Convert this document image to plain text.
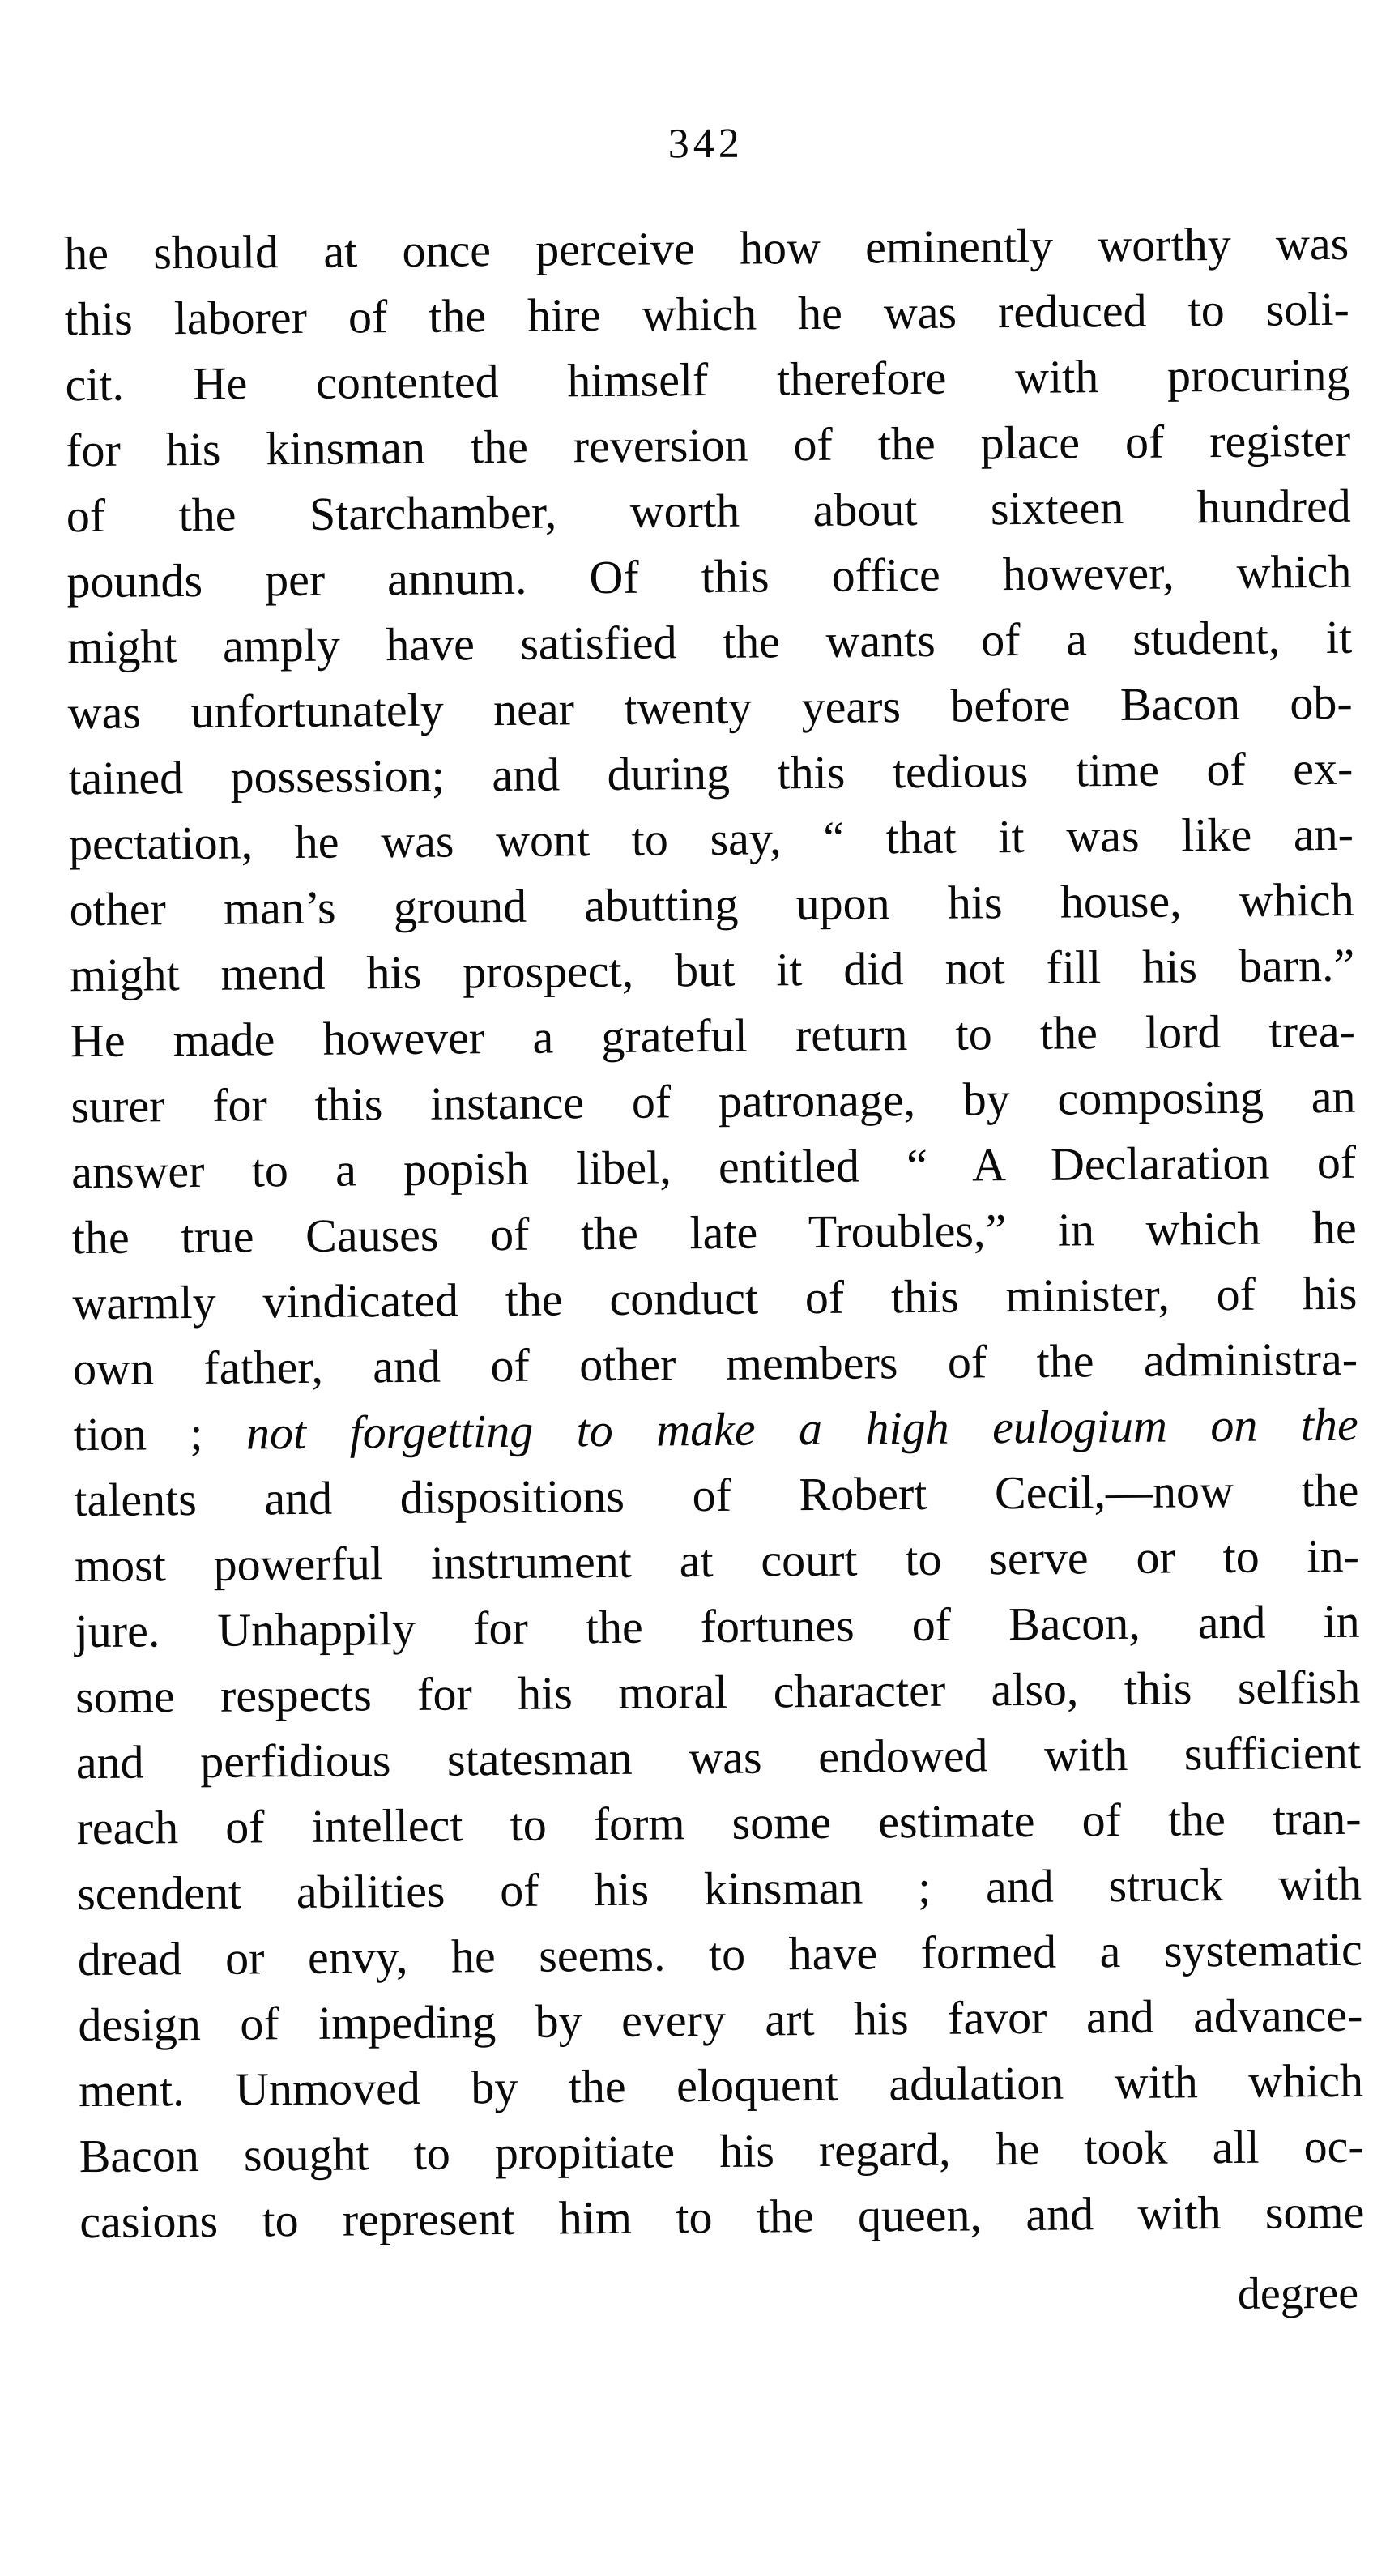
342
he should at once perceive how eminently worthy was
this laborer of the hire which he was reduced to soli-
cit. He contented himself therefore with procuring
for his kinsman the reversion of the place of register
of the Starchamber, worth about sixteen hundred
pounds per annum. Of this office however, which
might amply have satisfied the wants of a student, it
was unfortunately near twenty years before Bacon ob-
tained possession; and during this tedious time of ex-
pectation, he was wont to say, “ that it was like an-
other man’s ground abutting upon his house, which
might mend his prospect, but it did not fill his barn.”
He made however a grateful return to the lord trea-
surer for this instance of patronage, by composing an
answer to a popish libel, entitled “ A Declaration of
the true Causes of the late Troubles,” in which he
warmly vindicated the conduct of this minister, of his
own father, and of other members of the administra-
tion ; not forgetting to make a high eulogium on the
talents and dispositions of Robert Cecil,—now the
most powerful instrument at court to serve or to in-
jure. Unhappily for the fortunes of Bacon, and in
some respects for his moral character also, this selfish
and perfidious statesman was endowed with sufficient
reach of intellect to form some estimate of the tran-
scendent abilities of his kinsman ; and struck with
dread or envy, he seems. to have formed a systematic
design of impeding by every art his favor and advance-
ment. Unmoved by the eloquent adulation with which
Bacon sought to propitiate his regard, he took all oc-
casions to represent him to the queen, and with some
degree
